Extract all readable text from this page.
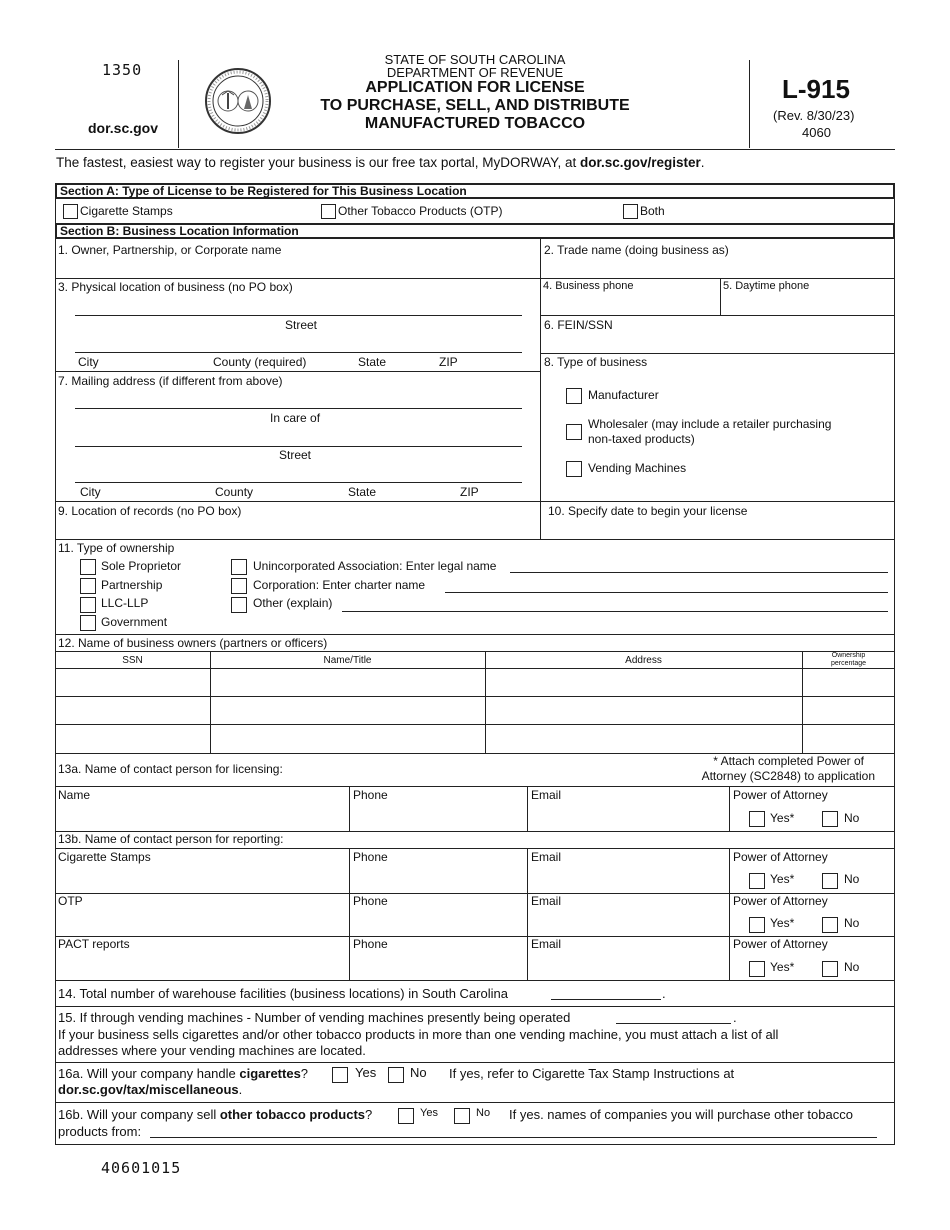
1350
dor.sc.gov
STATE OF SOUTH CAROLINA
DEPARTMENT OF REVENUE
APPLICATION FOR LICENSE
TO PURCHASE, SELL, AND DISTRIBUTE
MANUFACTURED TOBACCO
L-915
(Rev. 8/30/23)
4060
The fastest, easiest way to register your business is our free tax portal, MyDORWAY, at dor.sc.gov/register.
Section A: Type of License to be Registered for This Business Location
Cigarette Stamps	Other Tobacco Products (OTP)	Both
Section B: Business Location Information
1. Owner, Partnership, or Corporate name	2. Trade name (doing business as)
3. Physical location of business (no PO box)
Street
City	County (required)	State	ZIP
4. Business phone	5. Daytime phone
6. FEIN/SSN
7. Mailing address (if different from above)
In care of
Street
City	County	State	ZIP
8. Type of business
Manufacturer
Wholesaler (may include a retailer purchasing
non-taxed products)
Vending Machines
9. Location of records (no PO box)	10. Specify date to begin your license
11. Type of ownership
Sole Proprietor
Partnership
LLC-LLP
Government
Unincorporated Association: Enter legal name
Corporation: Enter charter name
Other (explain)
12. Name of business owners (partners or officers)
SSN	Name/Title	Address	Ownership
percentage
13a. Name of contact person for licensing:
* Attach completed Power of
Attorney (SC2848) to application
Name	Phone	Email	Power of Attorney
Yes*	No
13b. Name of contact person for reporting:
Cigarette Stamps	Phone	Email	Power of Attorney
Yes*	No
OTP	Phone	Email	Power of Attorney
Yes*	No
PACT reports	Phone	Email	Power of Attorney
Yes*	No
14. Total number of warehouse facilities (business locations) in South Carolina	.
15. If through vending machines - Number of vending machines presently being operated	.
If your business sells cigarettes and/or other tobacco products in more than one vending machine, you must attach a list of all
addresses where your vending machines are located.
16a. Will your company handle cigarettes?	Yes	No If yes, refer to Cigarette Tax Stamp Instructions at
dor.sc.gov/tax/miscellaneous.
16b. Will your company sell other tobacco products?	Yes	No If yes. names of companies you will purchase other tobacco
products from:
40601015
